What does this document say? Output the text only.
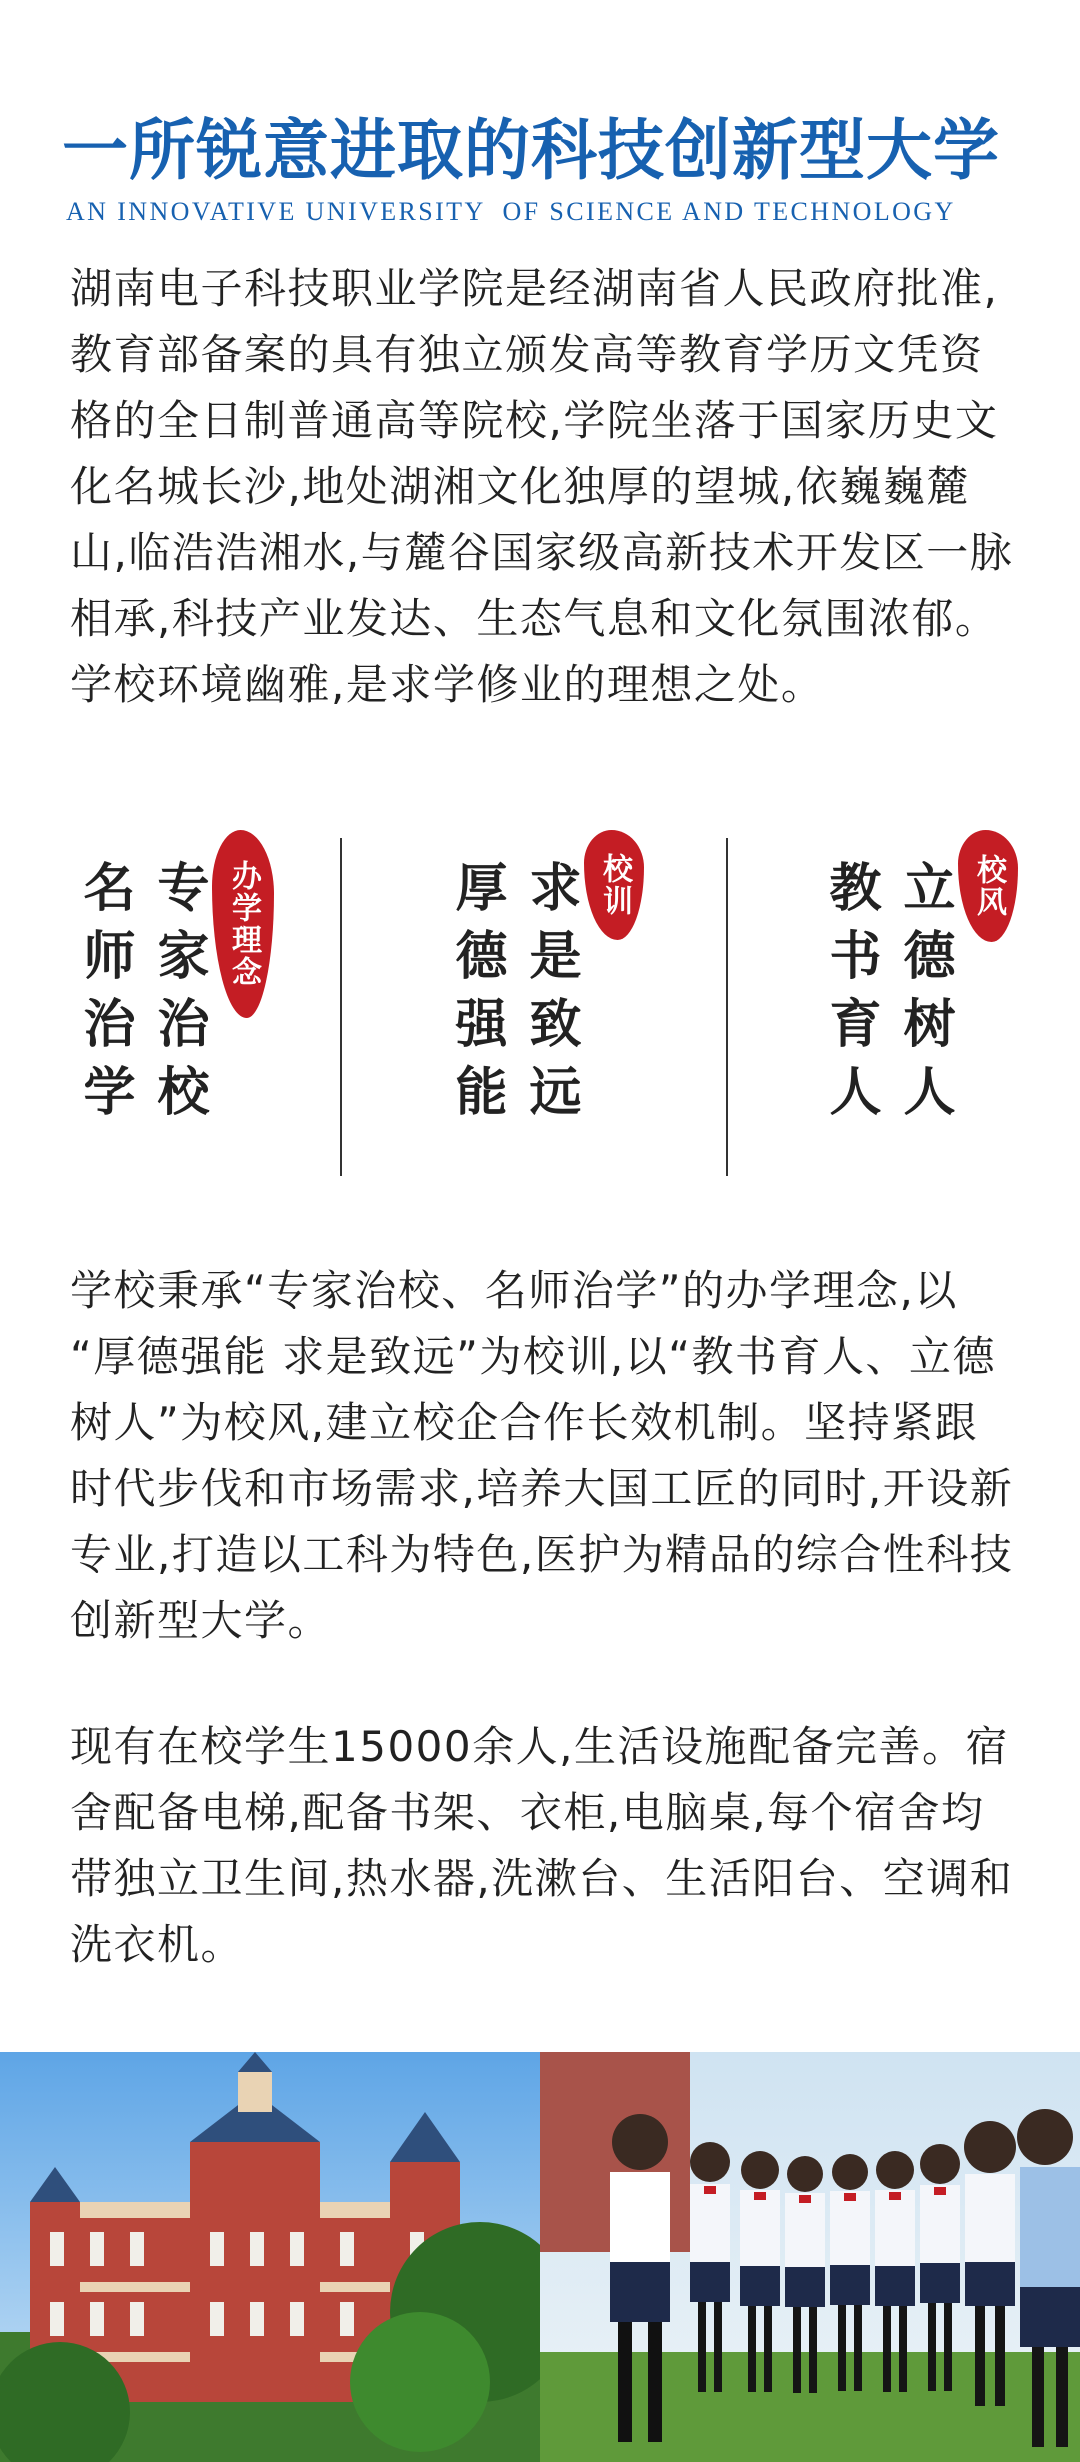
一所锐意进取的科技创新型大学
AN INNOVATIVE UNIVERSITY  OF SCIENCE AND TECHNOLOGY

湖南电子科技职业学院是经湖南省人民政府批准,教育部备案的具有独立颁发高等教育学历文凭资格的全日制普通高等院校,学院坐落于国家历史文化名城长沙,地处湖湘文化独厚的望城,依巍巍麓山,临浩浩湘水,与麓谷国家级高新技术开发区一脉相承,科技产业发达、生态气息和文化氛围浓郁。学校环境幽雅,是求学修业的理想之处。

专家治校
名师治学	办学理念	求是致远
厚德强能	校训	立德树人
教书育人	校风

学校秉承“专家治校、名师治学”的办学理念,以 “厚德强能 求是致远”为校训,以“教书育人、立德树人”为校风,建立校企合作长效机制。坚持紧跟时代步伐和市场需求,培养大国工匠的同时,开设新专业,打造以工科为特色,医护为精品的综合性科技创新型大学。

现有在校学生15000余人,生活设施配备完善。宿舍配备电梯,配备书架、衣柜,电脑桌,每个宿舍均带独立卫生间,热水器,洗漱台、生活阳台、空调和洗衣机。
